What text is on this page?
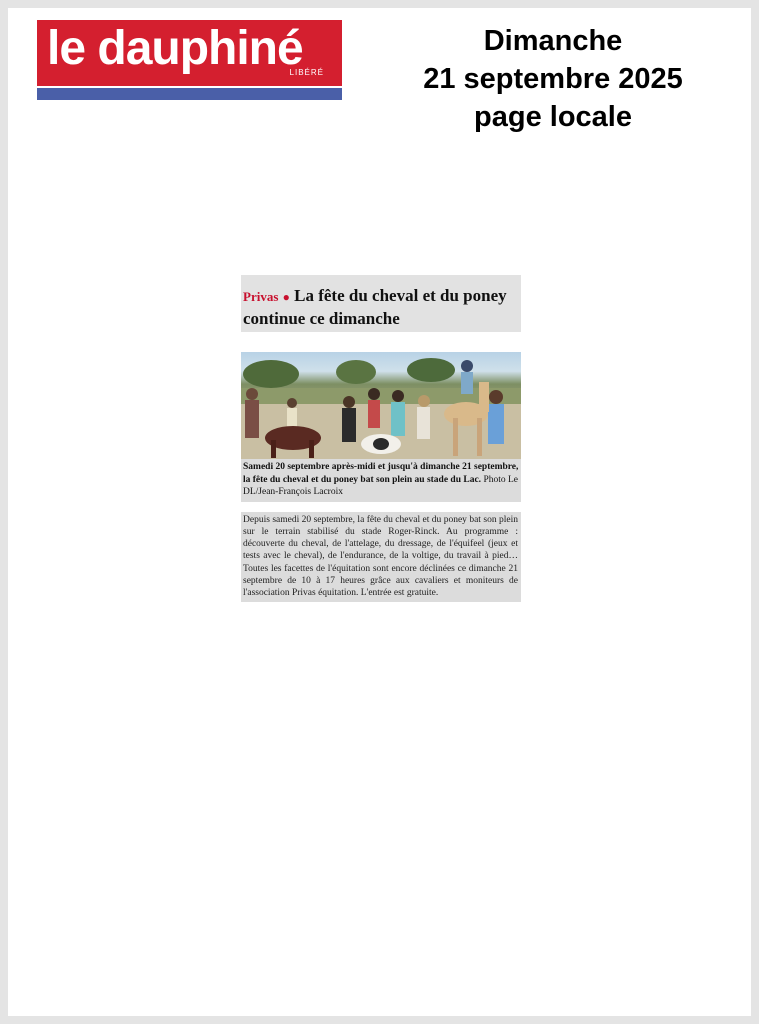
le dauphiné
LIBÉRÉ
Dimanche
21 septembre 2025
page locale
Privas ● La fête du cheval et du poney continue ce dimanche
Samedi 20 septembre après-midi et jusqu'à dimanche 21 septembre, la fête du cheval et du poney bat son plein au stade du Lac. Photo Le DL/Jean-François Lacroix
Depuis samedi 20 septembre, la fête du cheval et du poney bat son plein sur le terrain stabilisé du stade Roger-Rinck. Au programme : découverte du cheval, de l'attelage, du dressage, de l'équifeel (jeux et tests avec le cheval), de l'endurance, de la voltige, du travail à pied… Toutes les facettes de l'équitation sont encore déclinées ce dimanche 21 septembre de 10 à 17 heures grâce aux cavaliers et moniteurs de l'association Privas équitation. L'entrée est gratuite.
